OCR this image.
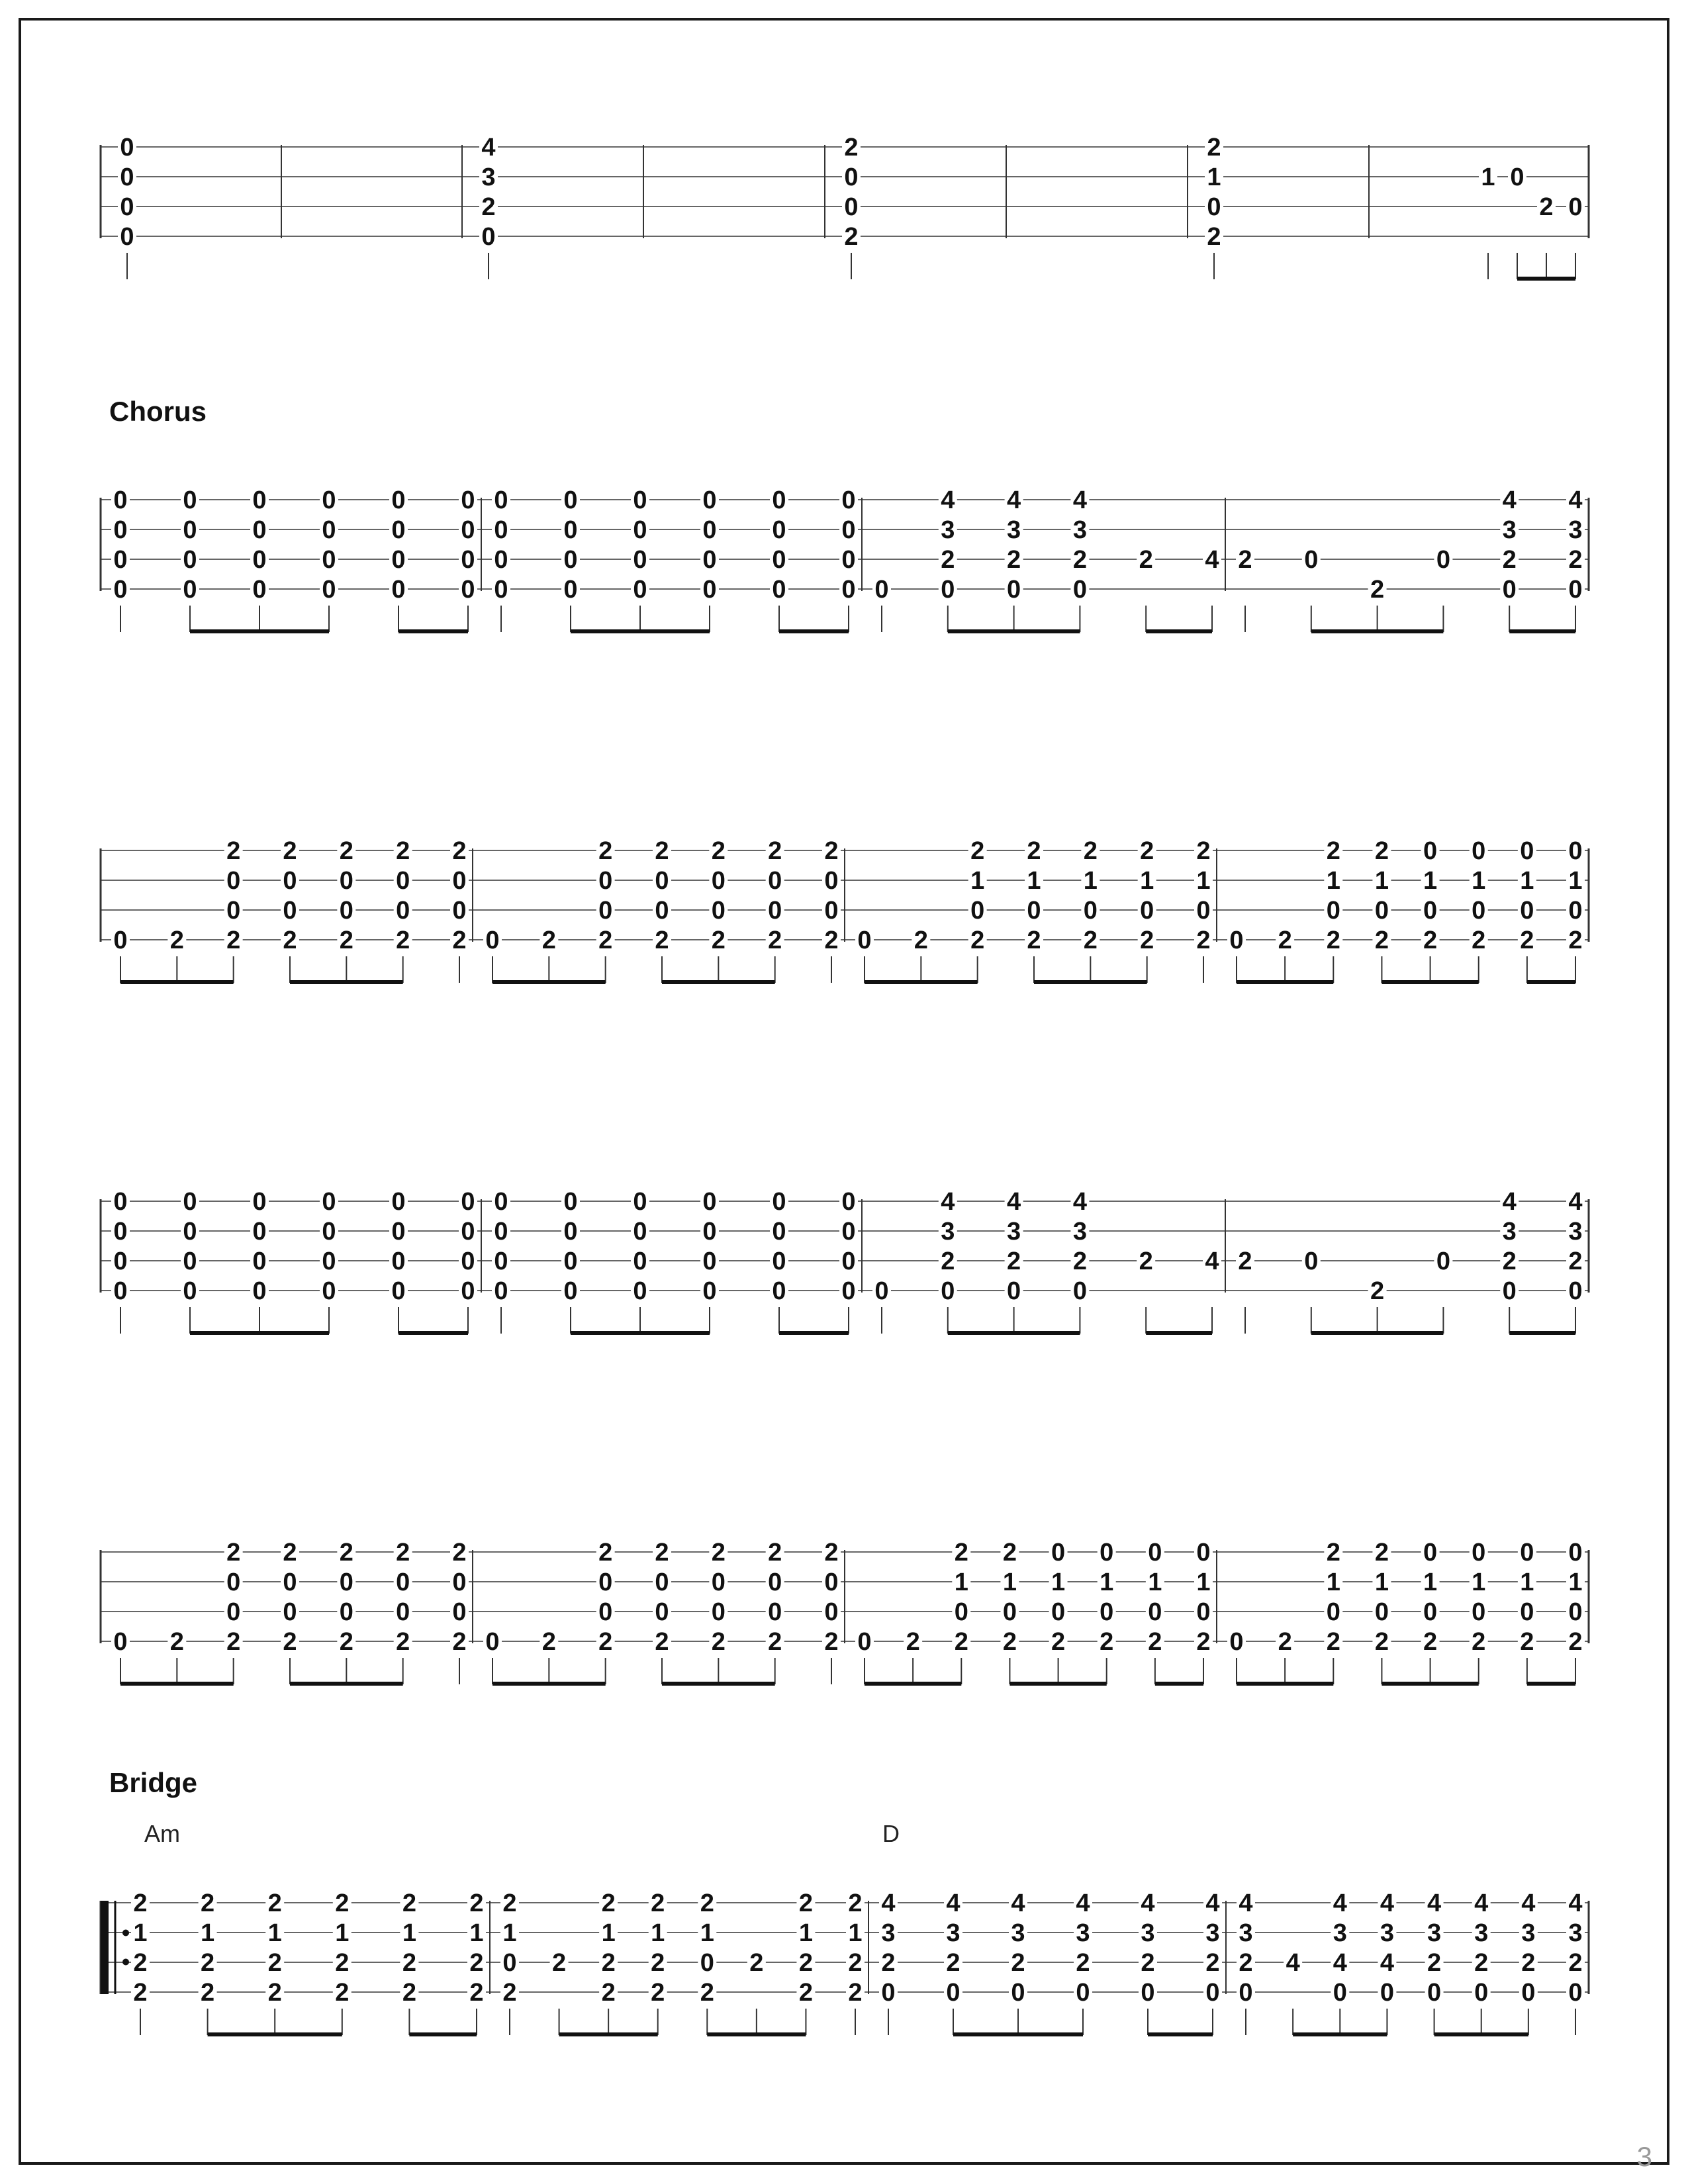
0
0
0
0
4
3
2
0
2
0
0
2
2
1
0
2
1 0
2 0
0
0
0
0
0
0
0
0
0
0
0
0
0
0
0
0
0
0
0
0
0
0
0
0
0
0
0
0
0
0
0
0
0
0
0
0
0
0
0
0
0
0
0
0
0
0
0
0 0
4
3
2
0
4
3
2
0
4
3
2
0
2 4 2 0
2
0
4
3
2
0
4
3
2
0
0 2
2
0
0
2
2
0
0
2
2
0
0
2
2
0
0
2
2
0
0
2 0 2
2
0
0
2
2
0
0
2
2
0
0
2
2
0
0
2
2
0
0
2 0 2
2
1
0
2
2
1
0
2
2
1
0
2
2
1
0
2
2
1
0
2 0 2
2
1
0
2
2
1
0
2
0
1
0
2
0
1
0
2
0
1
0
2
0
1
0
2
0
0
0
0
0
0
0
0
0
0
0
0
0
0
0
0
0
0
0
0
0
0
0
0
0
0
0
0
0
0
0
0
0
0
0
0
0
0
0
0
0
0
0
0
0
0
0
0 0
4
3
2
0
4
3
2
0
4
3
2
0
2 4 2 0
2
0
4
3
2
0
4
3
2
0
0 2
2
0
0
2
2
0
0
2
2
0
0
2
2
0
0
2
2
0
0
2 0 2
2
0
0
2
2
0
0
2
2
0
0
2
2
0
0
2
2
0
0
2 0 2
2
1
0
2
2
1
0
2
0
1
0
2
0
1
0
2
0
1
0
2
0
1
0
2 0 2
2
1
0
2
2
1
0
2
0
1
0
2
0
1
0
2
0
1
0
2
0
1
0
2
2
1
2
2
2
1
2
2
2
1
2
2
2
1
2
2
2
1
2
2
2
1
2
2
2
1
0
2
2
2
1
2
2
2
1
2
2
2
1
0
2
2
2
1
2
2
2
1
2
2
4
3
2
0
4
3
2
0
4
3
2
0
4
3
2
0
4
3
2
0
4
3
2
0
4
3
2
0
4
4
3
4
0
4
3
4
0
4
3
2
0
4
3
2
0
4
3
2
0
4
3
2
0
Chorus
Bridge
Am	D
3
